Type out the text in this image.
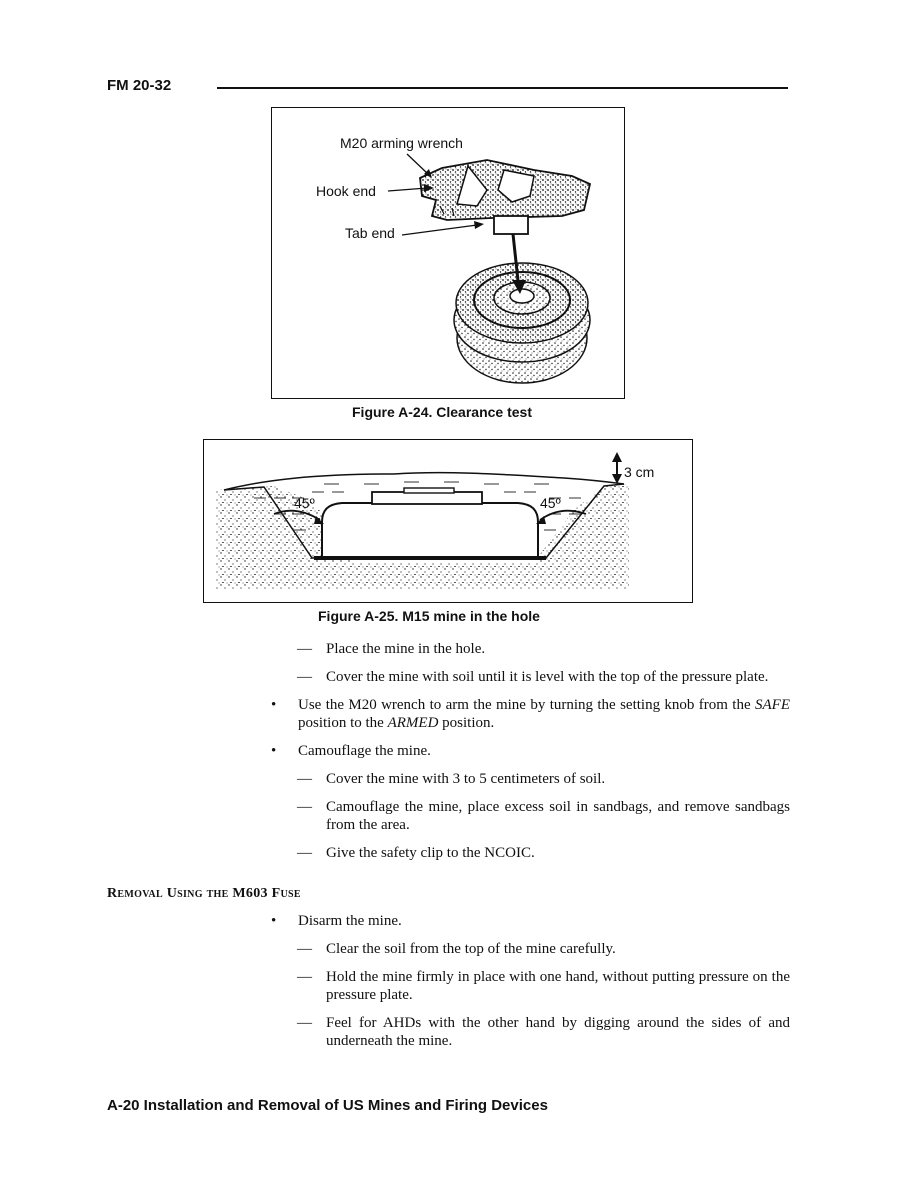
FM 20-32
M20 arming wrench
Hook end
Tab end
Figure A-24. Clearance test
3 cm
45º	45º
Figure A-25. M15 mine in the hole
— Place the mine in the hole.
— Cover the mine with soil until it is level with the top of the pressure plate.
• Use the M20 wrench to arm the mine by turning the setting knob from the SAFE position to the ARMED position.
• Camouflage the mine.
— Cover the mine with 3 to 5 centimeters of soil.
— Camouflage the mine, place excess soil in sandbags, and remove sandbags from the area.
— Give the safety clip to the NCOIC.
Removal Using the M603 Fuse
• Disarm the mine.
— Clear the soil from the top of the mine carefully.
— Hold the mine firmly in place with one hand, without putting pressure on the pressure plate.
— Feel for AHDs with the other hand by digging around the sides of and underneath the mine.
A-20 Installation and Removal of US Mines and Firing Devices
